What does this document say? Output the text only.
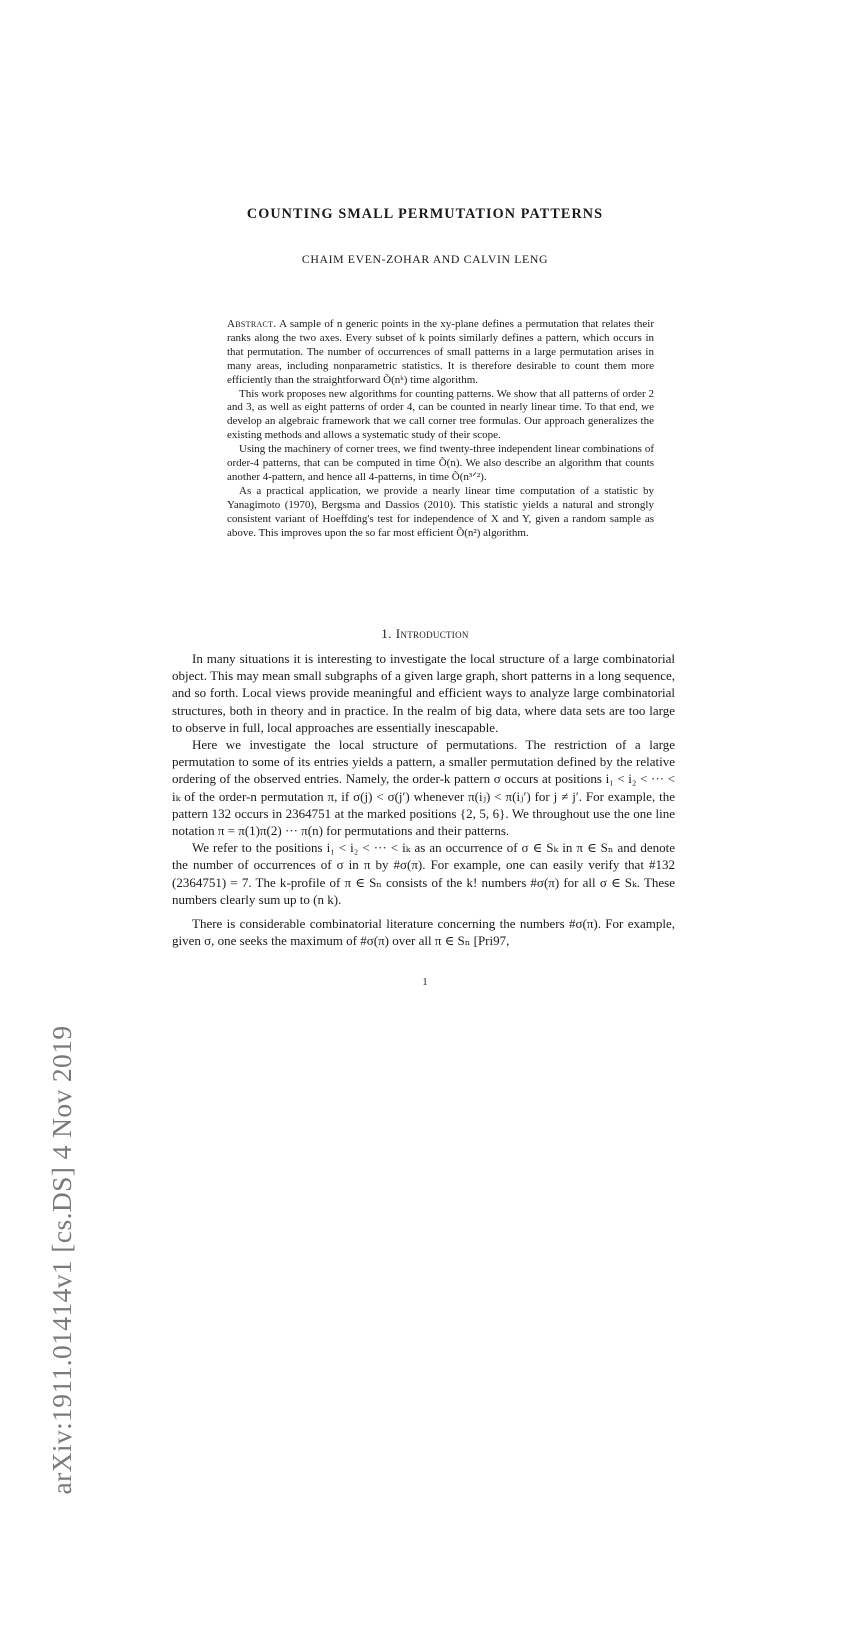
arXiv:1911.01414v1 [cs.DS] 4 Nov 2019
COUNTING SMALL PERMUTATION PATTERNS
CHAIM EVEN-ZOHAR AND CALVIN LENG

Abstract. A sample of n generic points in the xy-plane defines a permutation that relates their ranks along the two axes. Every subset of k points similarly defines a pattern, which occurs in that permutation. The number of occurrences of small patterns in a large permutation arises in many areas, including nonparametric statistics. It is therefore desirable to count them more efficiently than the straightforward Õ(nᵏ) time algorithm.

This work proposes new algorithms for counting patterns. We show that all patterns of order 2 and 3, as well as eight patterns of order 4, can be counted in nearly linear time. To that end, we develop an algebraic framework that we call corner tree formulas. Our approach generalizes the existing methods and allows a systematic study of their scope.

Using the machinery of corner trees, we find twenty-three independent linear combinations of order-4 patterns, that can be computed in time Õ(n). We also describe an algorithm that counts another 4-pattern, and hence all 4-patterns, in time Õ(n³ᐟ²).

As a practical application, we provide a nearly linear time computation of a statistic by Yanagimoto (1970), Bergsma and Dassios (2010). This statistic yields a natural and strongly consistent variant of Hoeffding's test for independence of X and Y, given a random sample as above. This improves upon the so far most efficient Õ(n²) algorithm.

1. Introduction

In many situations it is interesting to investigate the local structure of a large combinatorial object. This may mean small subgraphs of a given large graph, short patterns in a long sequence, and so forth. Local views provide meaningful and efficient ways to analyze large combinatorial structures, both in theory and in practice. In the realm of big data, where data sets are too large to observe in full, local approaches are essentially inescapable.

Here we investigate the local structure of permutations. The restriction of a large permutation to some of its entries yields a pattern, a smaller permutation defined by the relative ordering of the observed entries. Namely, the order-k pattern σ occurs at positions i₁ < i₂ < ··· < iₖ of the order-n permutation π, if σ(j) < σ(j′) whenever π(iⱼ) < π(iⱼ′) for j ≠ j′. For example, the pattern 132 occurs in 2364751 at the marked positions {2, 5, 6}. We throughout use the one line notation π = π(1)π(2) ··· π(n) for permutations and their patterns.

We refer to the positions i₁ < i₂ < ··· < iₖ as an occurrence of σ ∈ Sₖ in π ∈ Sₙ and denote the number of occurrences of σ in π by #σ(π). For example, one can easily verify that #132 (2364751) = 7. The k-profile of π ∈ Sₙ consists of the k! numbers #σ(π) for all σ ∈ Sₖ. These numbers clearly sum up to (n k).

There is considerable combinatorial literature concerning the numbers #σ(π). For example, given σ, one seeks the maximum of #σ(π) over all π ∈ Sₙ [Pri97,

1
